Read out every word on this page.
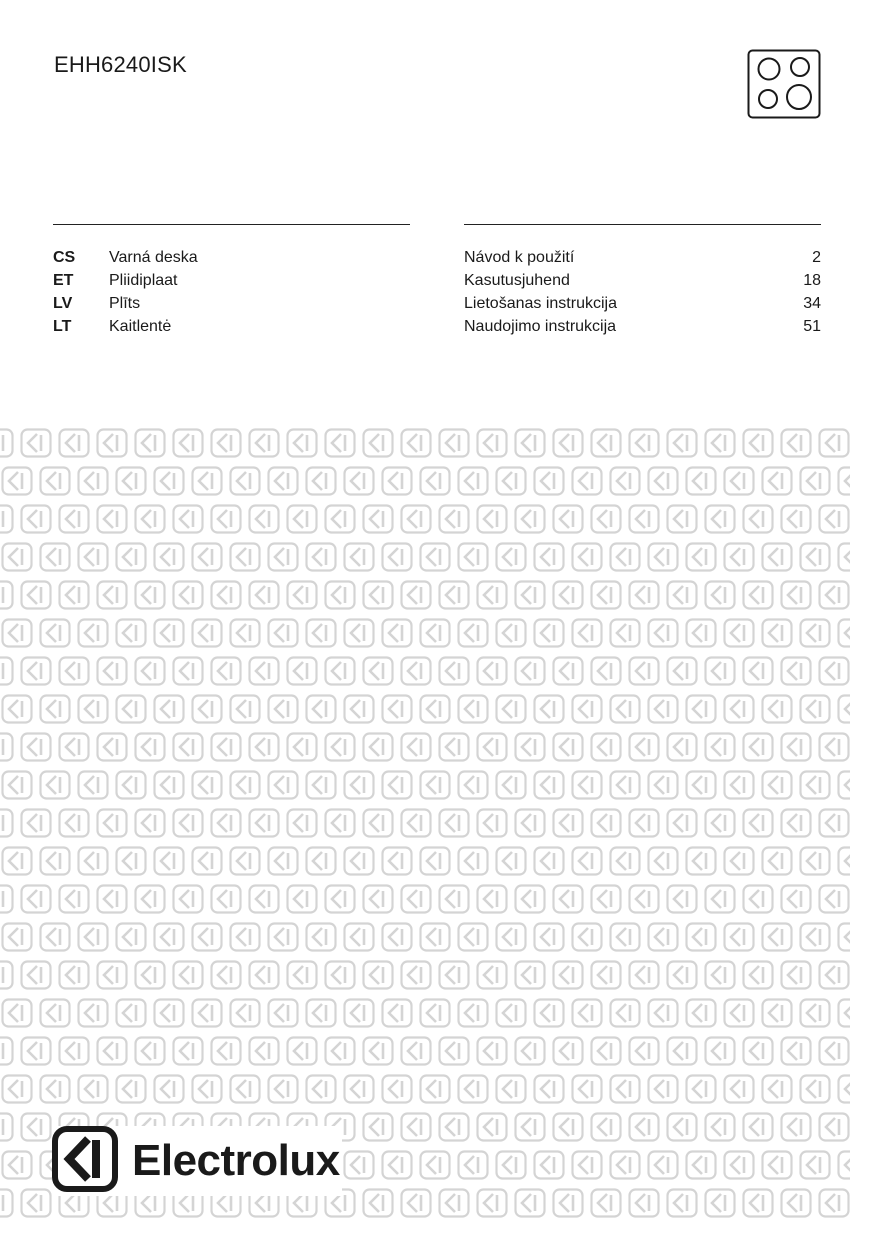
EHH6240ISK
CS	Varná deska
ET	Pliidiplaat
LV	Plīts
LT	Kaitlentė
Návod k použití	2
Kasutusjuhend	18
Lietošanas instrukcija	34
Naudojimo instrukcija	51
Electrolux
